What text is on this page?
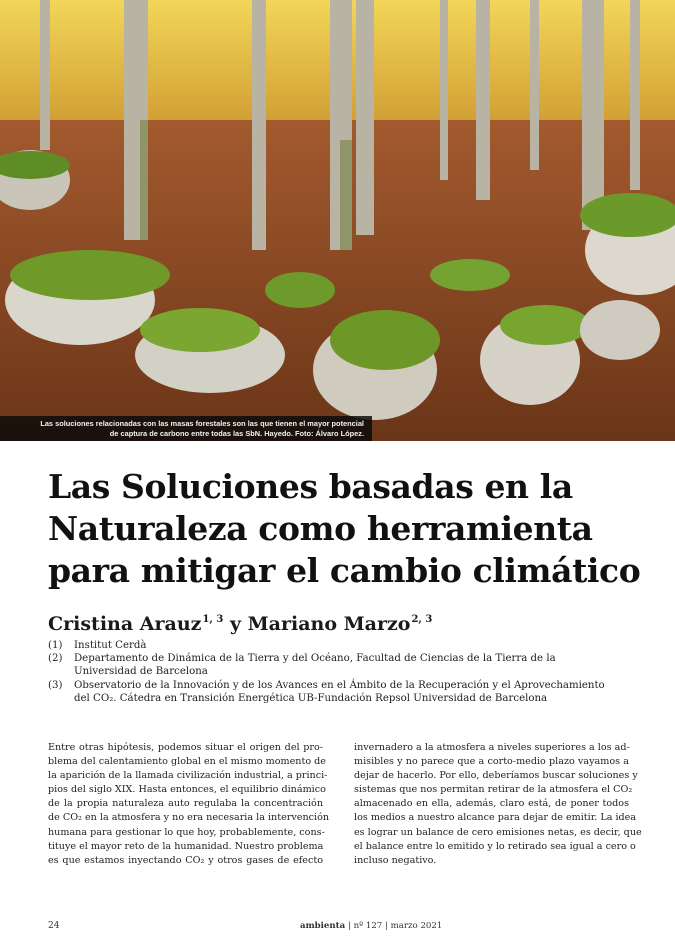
Las soluciones relacionadas con las masas forestales son las que tienen el mayor potencial
de captura de carbono entre todas las SbN. Hayedo. Foto: Álvaro López.
Las Soluciones basadas en la
Naturaleza como herramienta
para mitigar el cambio climático

Cristina Arauz$^{1, 3}$ y Mariano Marzo$^{2, 3}$

(1)	Institut Cerdà
(2)	Departamento de Dinámica de la Tierra y del Océano, Facultad de Ciencias de la Tierra de la
Universidad de Barcelona
(3)	Observatorio de la Innovación y de los Avances en el Ámbito de la Recuperación y el Aprovechamiento
del CO₂. Cátedra en Transición Energética UB-Fundación Repsol Universidad de Barcelona
Entre otras hipótesis, podemos situar el origen del pro-
blema del calentamiento global en el mismo momento de
la aparición de la llamada civilización industrial, a princi-
pios del siglo XIX. Hasta entonces, el equilibrio dinámico
de la propia naturaleza auto regulaba la concentración
de CO₂ en la atmosfera y no era necesaria la intervención
humana para gestionar lo que hoy, probablemente, cons-
tituye el mayor reto de la humanidad. Nuestro problema
es que estamos inyectando CO₂ y otros gases de efecto
invernadero a la atmosfera a niveles superiores a los ad-
misibles y no parece que a corto-medio plazo vayamos a
dejar de hacerlo. Por ello, deberíamos buscar soluciones y
sistemas que nos permitan retirar de la atmosfera el CO₂
almacenado en ella, además, claro está, de poner todos
los medios a nuestro alcance para dejar de emitir. La idea
es lograr un balance de cero emisiones netas, es decir, que
el balance entre lo emitido y lo retirado sea igual a cero o
incluso negativo.
24	ambienta | nº 127 | marzo 2021
